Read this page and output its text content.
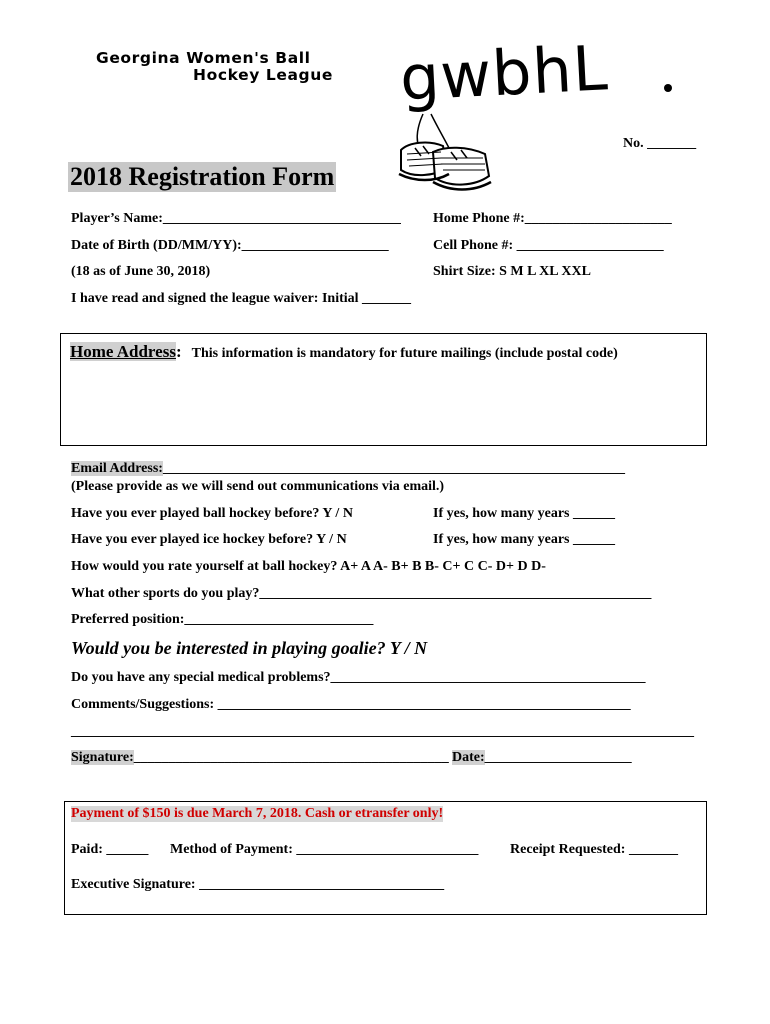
Georgina Women's Ball
Hockey League gwbhL
No. _______
2018 Registration Form
Player’s Name:__________________________________ Home Phone #:_____________________
Date of Birth (DD/MM/YY):_____________________	Cell Phone #: _____________________
(18 as of June 30, 2018)	Shirt Size: S M L XL XXL
I have read and signed the league waiver: Initial _______
Home Address: This information is mandatory for future mailings (include postal code)
Email Address:__________________________________________________________________
(Please provide as we will send out communications via email.)
Have you ever played ball hockey before? Y / N	If yes, how many years ______
Have you ever played ice hockey before? Y / N	If yes, how many years ______
How would you rate yourself at ball hockey? A+ A A- B+ B B- C+ C C- D+ D D-
What other sports do you play?________________________________________________________
Preferred position:___________________________
Would you be interested in playing goalie? Y / N
Do you have any special medical problems?_____________________________________________
Comments/Suggestions: ___________________________________________________________
_________________________________________________________________________________________
Signature:_____________________________________________ Date:_____________________
Payment of $150 is due March 7, 2018. Cash or etransfer only!
Paid: ______ Method of Payment: __________________________ Receipt Requested: _______
Executive Signature: ___________________________________
